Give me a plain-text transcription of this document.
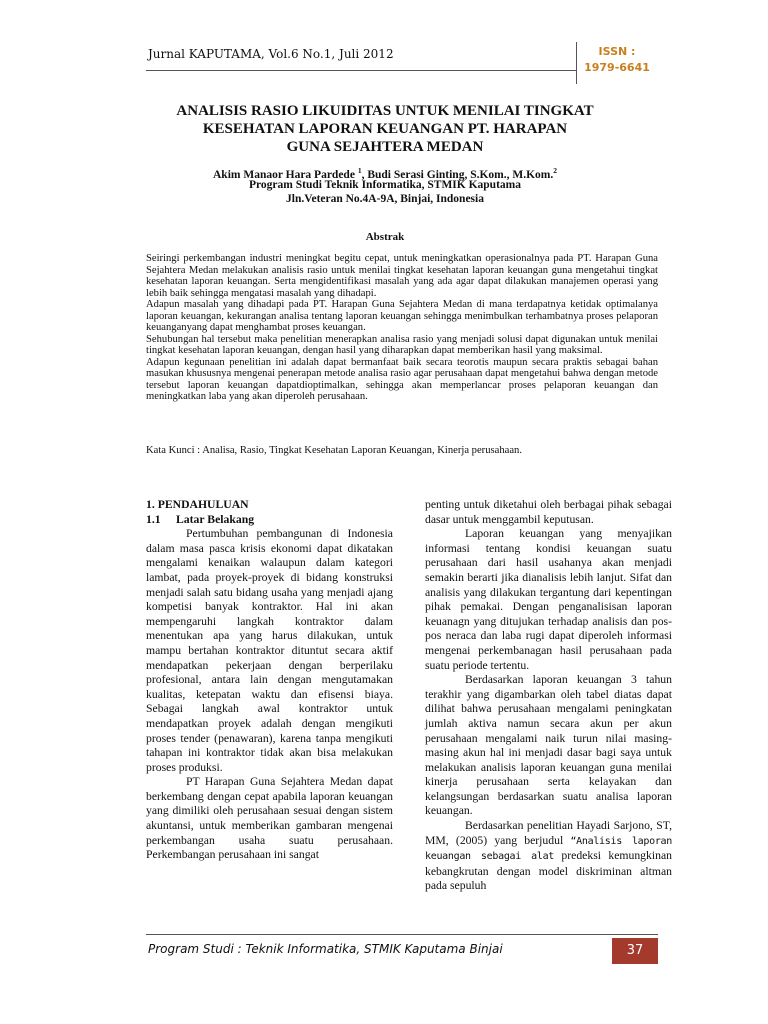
Jurnal KAPUTAMA, Vol.6 No.1, Juli 2012	ISSN :
1979-6641
ANALISIS RASIO LIKUIDITAS UNTUK MENILAI TINGKAT
KESEHATAN LAPORAN KEUANGAN PT. HARAPAN
GUNA SEJAHTERA MEDAN
Akim Manaor Hara Pardede $^1$, Budi Serasi Ginting, S.Kom., M.Kom.$^2$
Program Studi Teknik Informatika, STMIK Kaputama
Jln.Veteran No.4A-9A, Binjai, Indonesia
Abstrak

Seiringi perkembangan industri meningkat begitu cepat, untuk meningkatkan operasionalnya pada PT. Harapan Guna Sejahtera Medan melakukan analisis rasio untuk menilai tingkat kesehatan laporan keuangan guna mengetahui tingkat kesehatan laporan keuangan. Serta mengidentifikasi masalah yang ada agar dapat dilakukan manajemen operasi yang lebih baik sehingga mengatasi masalah yang dihadapi.

Adapun masalah yang dihadapi pada PT. Harapan Guna Sejahtera Medan di mana terdapatnya ketidak optimalanya laporan keuangan, kekurangan analisa tentang laporan keuangan sehingga menimbulkan terhambatnya proses pelaporan keuanganyang dapat menghambat proses keuangan.

Sehubungan hal tersebut maka penelitian menerapkan analisa rasio yang menjadi solusi dapat digunakan untuk menilai tingkat kesehatan laporan keuangan, dengan hasil yang diharapkan dapat memberikan hasil yang maksimal.

Adapun kegunaan penelitian ini adalah dapat bermanfaat baik secara teorotis maupun secara praktis sebagai bahan masukan khususnya mengenai penerapan metode analisa rasio agar perusahaan dapat mengetahui bahwa dengan metode tersebut laporan keuangan dapatdioptimalkan, sehingga akan memperlancar proses pelaporan keuangan dan meningkatkan laba yang akan diperoleh perusahaan.

Kata Kunci : Analisa, Rasio, Tingkat Kesehatan Laporan Keuangan, Kinerja perusahaan.
1. PENDAHULUAN
1.1 Latar Belakang

Pertumbuhan pembangunan di Indonesia dalam masa pasca krisis ekonomi dapat dikatakan mengalami kenaikan walaupun dalam kategori lambat, pada proyek-proyek di bidang konstruksi menjadi salah satu bidang usaha yang menjadi ajang kompetisi banyak kontraktor. Hal ini akan mempengaruhi langkah kontraktor dalam menentukan apa yang harus dilakukan, untuk mampu bertahan kontraktor dituntut secara aktif mendapatkan pekerjaan dengan berperilaku profesional, antara lain dengan mengutamakan kualitas, ketepatan waktu dan efisensi biaya. Sebagai langkah awal kontraktor untuk mendapatkan proyek adalah dengan mengikuti proses tender (penawaran), karena tanpa mengikuti tahapan ini kontraktor tidak akan bisa melakukan proses produksi.

PT Harapan Guna Sejahtera Medan dapat berkembang dengan cepat apabila laporan keuangan yang dimiliki oleh perusahaan sesuai dengan sistem akuntansi, untuk memberikan gambaran mengenai perkembangan usaha suatu perusahaan. Perkembangan perusahaan ini sangat

penting untuk diketahui oleh berbagai pihak sebagai dasar untuk menggambil keputusan.

Laporan keuangan yang menyajikan informasi tentang kondisi keuangan suatu perusahaan dari hasil usahanya akan menjadi semakin berarti jika dianalisis lebih lanjut. Sifat dan analisis yang dilakukan tergantung dari kepentingan pihak pemakai. Dengan penganalisisan laporan keuanagn yang ditujukan terhadap analisis dan pos-pos neraca dan laba rugi dapat diperoleh informasi mengenai perkembanagan hasil perusahaan pada suatu periode tertentu.

Berdasarkan laporan keuangan 3 tahun terakhir yang digambarkan oleh tabel diatas dapat dilihat bahwa perusahaan mengalami peningkatan jumlah aktiva namun secara akun per akun perusahaan mengalami naik turun nilai masing-masing akun hal ini menjadi dasar bagi saya untuk melakukan analisis laporan keuangan guna menilai kinerja perusahaan serta kelayakan dan kelangsungan berdasarkan suatu analisa laporan keuangan.

Berdasarkan penelitian Hayadi Sarjono, ST, MM, (2005) yang berjudul “Analisis laporan keuangan sebagai alat predeksi kemungkinan kebangkrutan dengan model diskriminan altman pada sepuluh

Program Studi : Teknik Informatika, STMIK Kaputama Binjai	37
